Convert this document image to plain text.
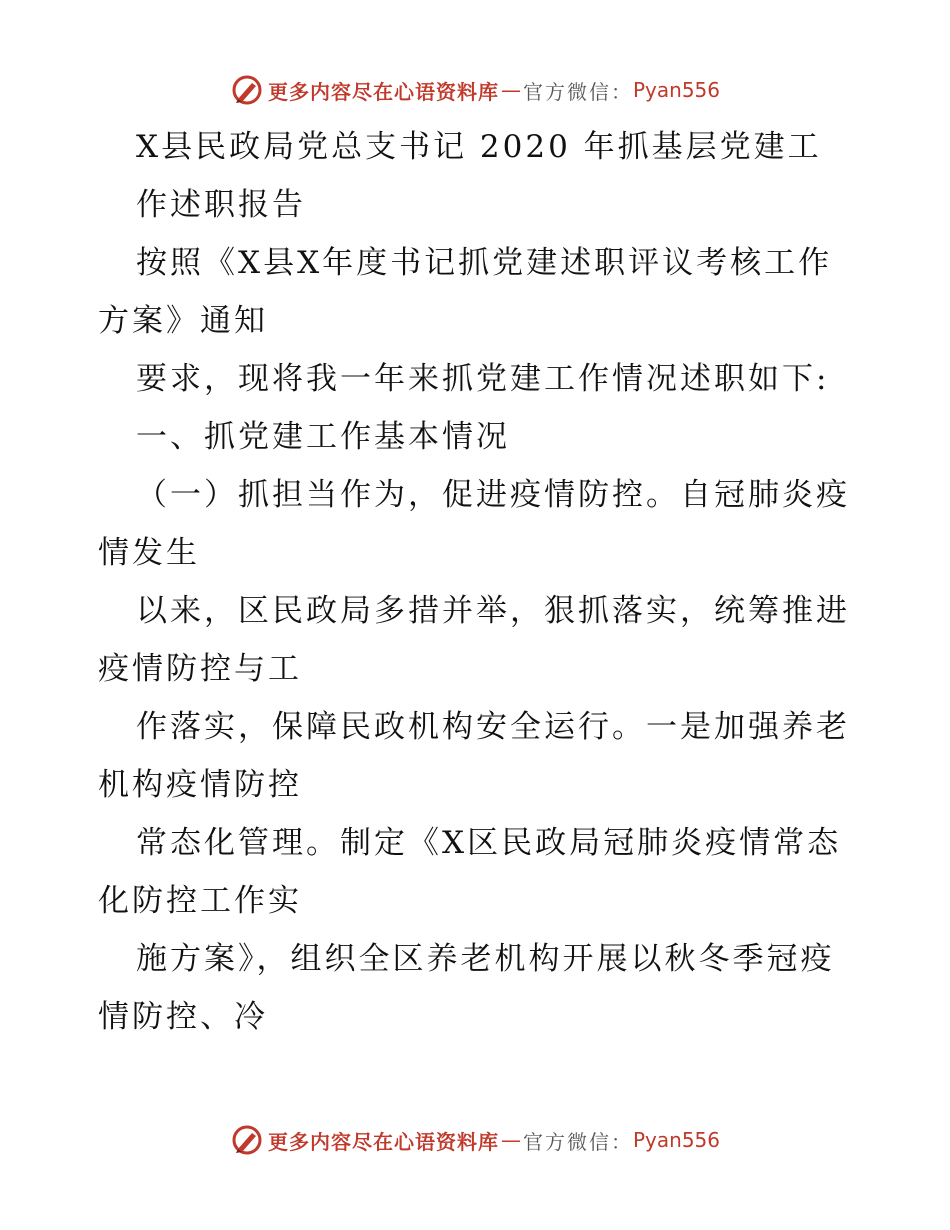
更多内容尽在心语资料库 — 官方微信： Pyan556
X县民政局党总支书记 2020 年抓基层党建工
作述职报告
按照《X县X年度书记抓党建述职评议考核工作
方案》通知
要求，现将我一年来抓党建工作情况述职如下:
一、抓党建工作基本情况
（一）抓担当作为，促进疫情防控。自冠肺炎疫
情发生
以来，区民政局多措并举，狠抓落实，统筹推进
疫情防控与工
作落实，保障民政机构安全运行。一是加强养老
机构疫情防控
常态化管理。制定《X区民政局冠肺炎疫情常态
化防控工作实
施方案》，组织全区养老机构开展以秋冬季冠疫
情防控、冷
更多内容尽在心语资料库 — 官方微信： Pyan556
